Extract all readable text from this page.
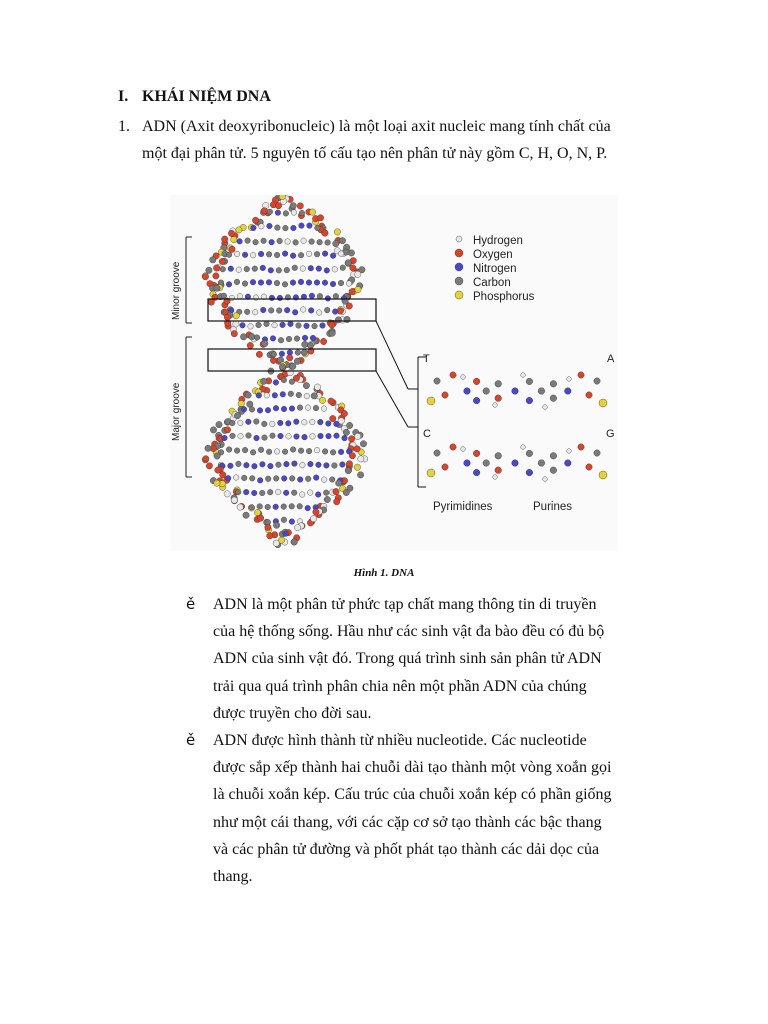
I. KHÁI NIỆM DNA
1. ADN (Axit deoxyribonucleic) là một loại axit nucleic mang tính chất của một đại phân tử. 5 nguyên tố cấu tạo nên phân tử này gồm C, H, O, N, P.
Minor groove
Major groove
Hydrogen
Oxygen
Nitrogen
Carbon
Phosphorus
T	A
C	G
Pyrimidines	Purines
Hình 1. DNA
ě	ADN là một phân tử phức tạp chất mang thông tin di truyền của hệ thống sống. Hầu như các sinh vật đa bào đều có đủ bộ ADN của sinh vật đó. Trong quá trình sinh sản phân tử ADN trải qua quá trình phân chia nên một phần ADN của chúng được truyền cho đời sau.
ě	ADN được hình thành từ nhiều nucleotide. Các nucleotide được sắp xếp thành hai chuỗi dài tạo thành một vòng xoắn gọi là chuỗi xoắn kép. Cấu trúc của chuỗi xoắn kép có phần giống như một cái thang, với các cặp cơ sở tạo thành các bậc thang và các phân tử đường và phốt phát tạo thành các dải dọc của thang.
